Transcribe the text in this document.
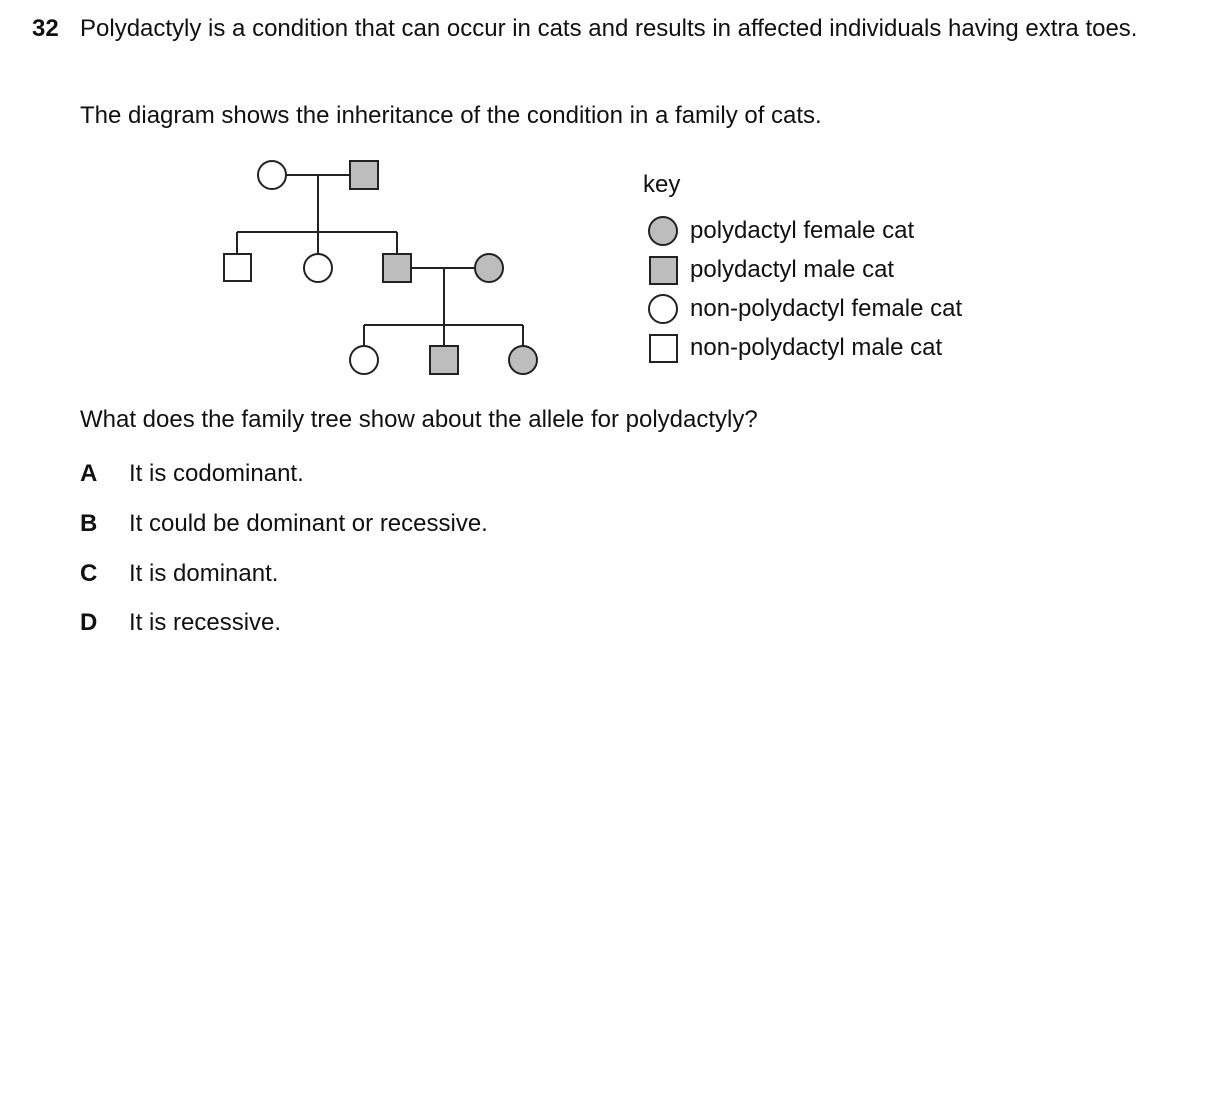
32 Polydactyly is a condition that can occur in cats and results in affected individuals having extra toes.
The diagram shows the inheritance of the condition in a family of cats.
key
polydactyl female cat
polydactyl male cat
non-polydactyl female cat
non-polydactyl male cat
What does the family tree show about the allele for polydactyly?
A It is codominant.
B It could be dominant or recessive.
C It is dominant.
D It is recessive.
